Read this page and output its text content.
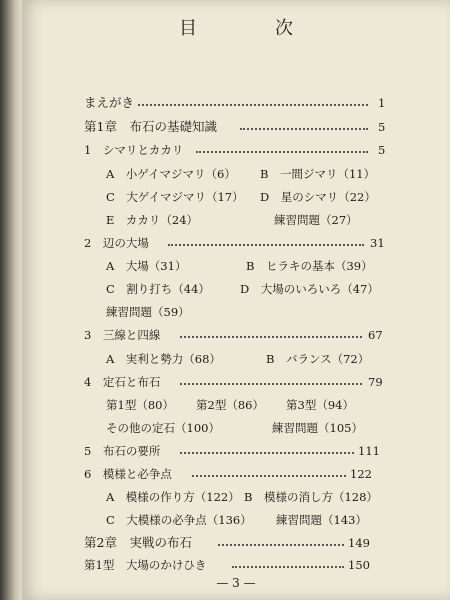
目　次
まえがき	1
第1章　布石の基礎知識	5
1　シマリとカカリ	5
A　小ゲイマジマリ（6） B　一間ジマリ（11）
C　大ゲイマジマリ（17） D　星のシマリ（22）
E　カカリ（24）	練習問題（27）
2　辺の大場	31
A　大場（31）	B　ヒラキの基本（39）
C　割り打ち（44）	D　大場のいろいろ（47）
練習問題（59）
3　三線と四線	67
A　実利と勢力（68）	B　バランス（72）
4　定石と布石	79
第1型（80） 第2型（86） 第3型（94）
その他の定石（100）	練習問題（105）
5　布石の要所	111
6　模様と必争点	122
A　模様の作り方（122） B　模様の消し方（128）
C　大模様の必争点（136） 練習問題（143）
第2章　実戦の布石	149
第1型　大場のかけひき	150
— 3 —
